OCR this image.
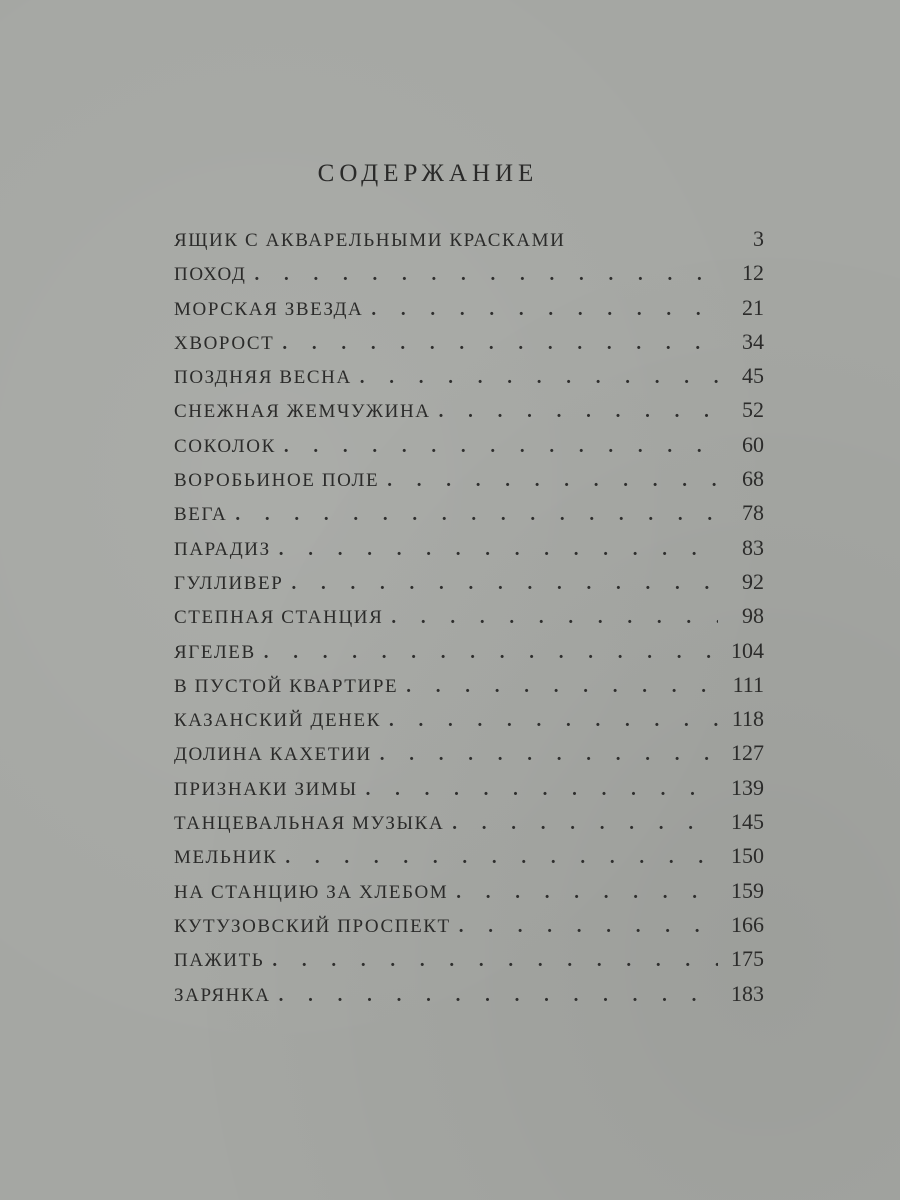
СОДЕРЖАНИЕ
ЯЩИК С АКВАРЕЛЬНЫМИ КРАСКАМИ	3
ПОХОД . . .	12
МОРСКАЯ ЗВЕЗДА . . .	21
ХВОРОСТ . . .	34
ПОЗДНЯЯ ВЕСНА . . .	45
СНЕЖНАЯ ЖЕМЧУЖИНА . . .	52
СОКОЛОК . . .	60
ВОРОБЬИНОЕ ПОЛЕ . . .	68
ВЕГА . . .	78
ПАРАДИЗ . . .	83
ГУЛЛИВЕР . . .	92
СТЕПНАЯ СТАНЦИЯ . . .	98
ЯГЕЛЕВ . . .	104
В ПУСТОЙ КВАРТИРЕ . . .	111
КАЗАНСКИЙ ДЕНЕК . . .	118
ДОЛИНА КАХЕТИИ . . .	127
ПРИЗНАКИ ЗИМЫ . . .	139
ТАНЦЕВАЛЬНАЯ МУЗЫКА . . .	145
МЕЛЬНИК . . .	150
НА СТАНЦИЮ ЗА ХЛЕБОМ . . .	159
КУТУЗОВСКИЙ ПРОСПЕКТ . . .	166
ПАЖИТЬ . . .	175
ЗАРЯНКА . . .	183
